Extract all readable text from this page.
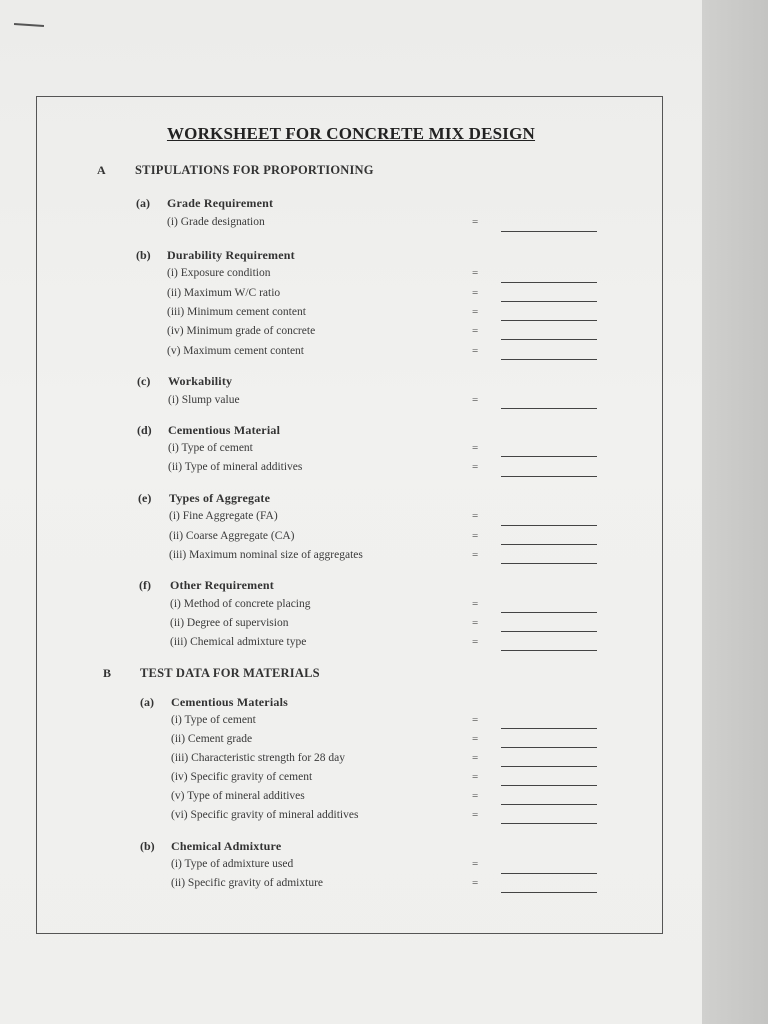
WORKSHEET FOR CONCRETE MIX DESIGN
A STIPULATIONS FOR PROPORTIONING
(a) Grade Requirement
(i) Grade designation	=
(b) Durability Requirement
(i) Exposure condition	=
(ii) Maximum W/C ratio	=
(iii) Minimum cement content	=
(iv) Minimum grade of concrete	=
(v) Maximum cement content	=
(c) Workability
(i) Slump value	=
(d) Cementious Material
(i) Type of cement	=
(ii) Type of mineral additives	=
(e) Types of Aggregate
(i) Fine Aggregate (FA)	=
(ii) Coarse Aggregate (CA)	=
(iii) Maximum nominal size of aggregates	=
(f) Other Requirement
(i) Method of concrete placing	=
(ii) Degree of supervision	=
(iii) Chemical admixture type	=
B TEST DATA FOR MATERIALS
(a) Cementious Materials
(i) Type of cement	=
(ii) Cement grade	=
(iii) Characteristic strength for 28 day	=
(iv) Specific gravity of cement	=
(v) Type of mineral additives	=
(vi) Specific gravity of mineral additives	=
(b) Chemical Admixture
(i) Type of admixture used	=
(ii) Specific gravity of admixture	=
